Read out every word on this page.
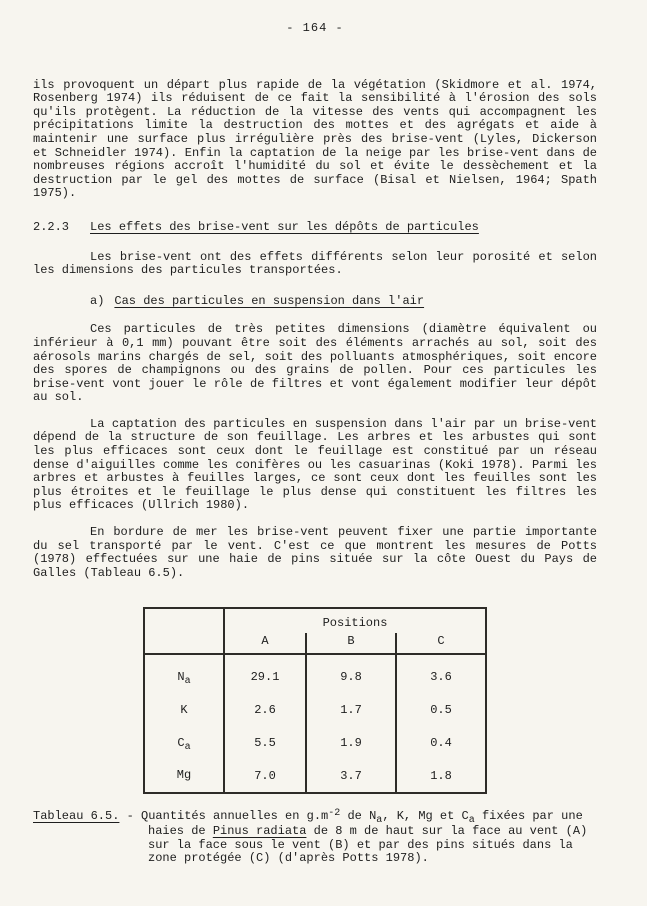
- 164 -

ils provoquent un départ plus rapide de la végétation (Skidmore et al. 1974, Rosenberg 1974) ils réduisent de ce fait la sensibilité à l'érosion des sols qu'ils protègent. La réduction de la vitesse des vents qui accompagnent les précipitations limite la destruction des mottes et des agrégats et aide à maintenir une surface plus irrégulière près des brise-vent (Lyles, Dickerson et Schneidler 1974). Enfin la captation de la neige par les brise-vent dans de nombreuses régions accroît l'humidité du sol et évite le dessèchement et la destruction par le gel des mottes de surface (Bisal et Nielsen, 1964; Spath 1975).

2.2.3 Les effets des brise-vent sur les dépôts de particules

Les brise-vent ont des effets différents selon leur porosité et selon les dimensions des particules transportées.

a) Cas des particules en suspension dans l'air

Ces particules de très petites dimensions (diamètre équivalent ou inférieur à 0,1 mm) pouvant être soit des éléments arrachés au sol, soit des aérosols marins chargés de sel, soit des polluants atmosphériques, soit encore des spores de champignons ou des grains de pollen. Pour ces particules les brise-vent vont jouer le rôle de filtres et vont également modifier leur dépôt au sol.

La captation des particules en suspension dans l'air par un brise-vent dépend de la structure de son feuillage. Les arbres et les arbustes qui sont les plus efficaces sont ceux dont le feuillage est constitué par un réseau dense d'aiguilles comme les conifères ou les casuarinas (Koki 1978). Parmi les arbres et arbustes à feuilles larges, ce sont ceux dont les feuilles sont les plus étroites et le feuillage le plus dense qui constituent les filtres les plus efficaces (Ullrich 1980).

En bordure de mer les brise-vent peuvent fixer une partie importante du sel transporté par le vent. C'est ce que montrent les mesures de Potts (1978) effectuées sur une haie de pins située sur la côte Ouest du Pays de Galles (Tableau 6.5).

	Positions		
	A	B	C
$N_a$	29.1	9.8	3.6
K	2.6	1.7	0.5
$C_a$	5.5	1.9	0.4
Mg	7.0	3.7	1.8
Tableau 6.5. - Quantités annuelles en $g.m^{-2}$ de $N_a$, K, Mg et $C_a$ fixées par une haies de Pinus radiata de 8 m de haut sur la face au vent (A) sur la face sous le vent (B) et par des pins situés dans la zone protégée (C) (d'après Potts 1978).
